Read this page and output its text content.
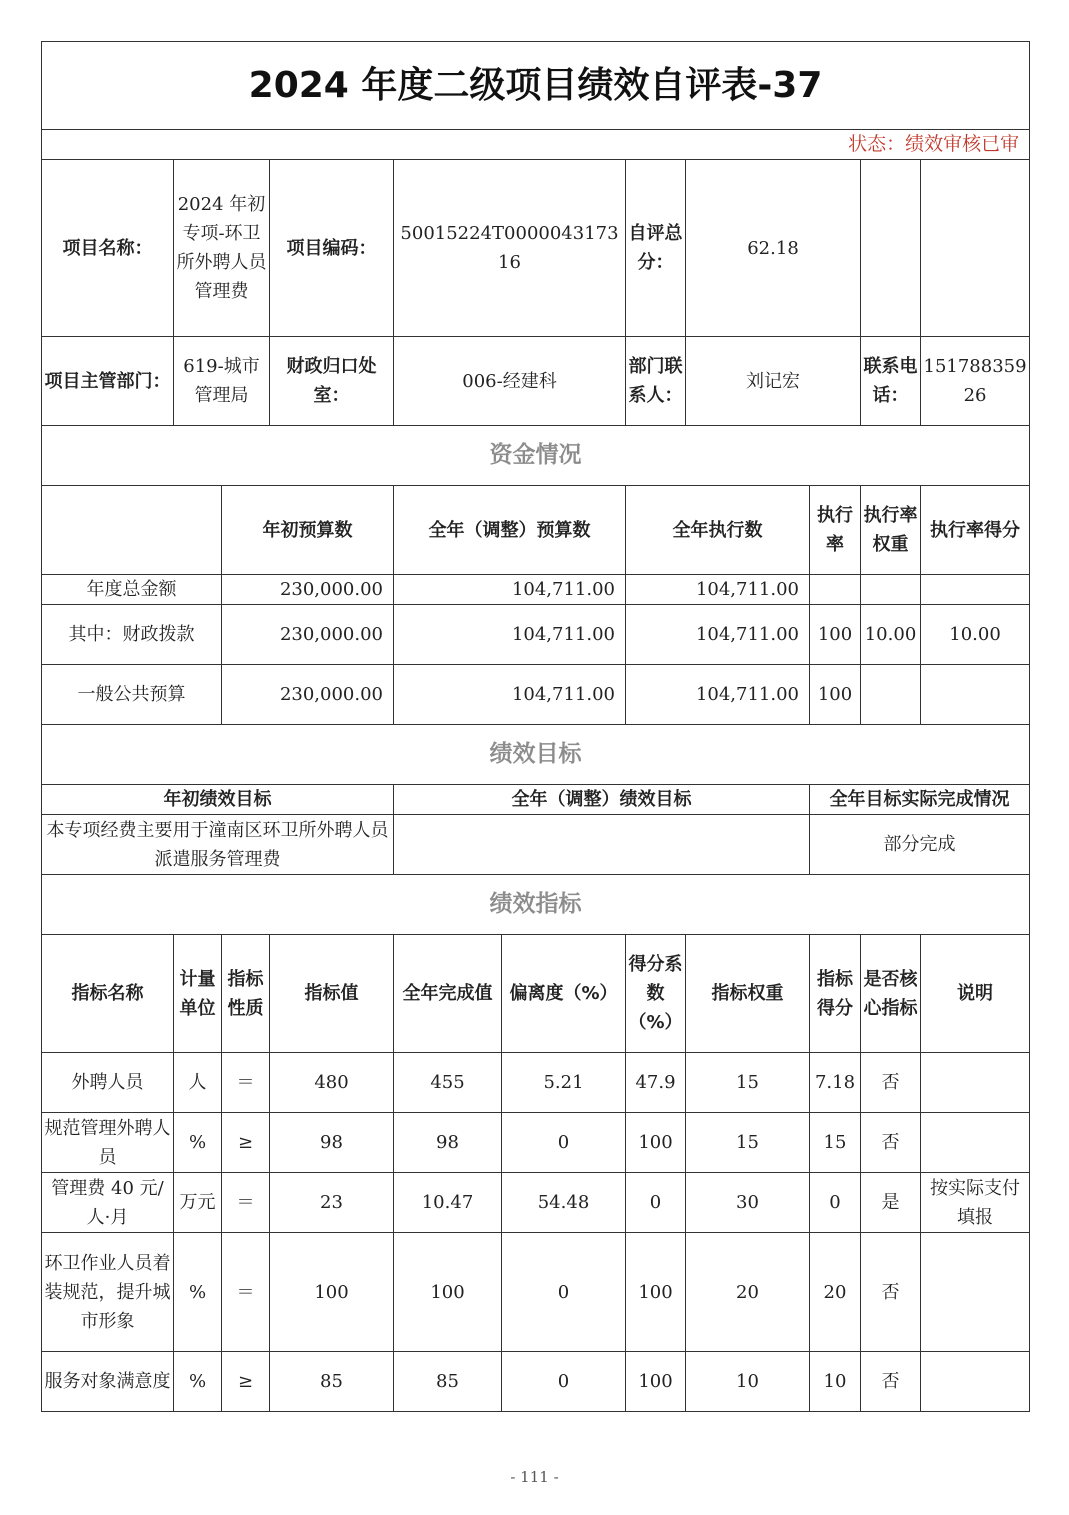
2024 年度二级项目绩效自评表-37										
状态：绩效审核已审										
项目名称：	2024 年初专项-环卫所外聘人员管理费		项目编码：	50015224T000004317316		自评总分：	62.18			
项目主管部门：	619-城市管理局		财政归口处室：	006-经建科		部门联系人：	刘记宏		联系电话：	15178835926
资金情况										
		年初预算数		全年（调整）预算数		全年执行数		执行率	执行率权重	执行率得分
年度总金额		230,000.00		104,711.00		104,711.00				
其中：财政拨款		230,000.00		104,711.00		104,711.00		100	10.00	10.00
一般公共预算		230,000.00		104,711.00		104,711.00		100		
绩效目标										
年初绩效目标				全年（调整）绩效目标				全年目标实际完成情况		
本专项经费主要用于潼南区环卫所外聘人员派遣服务管理费								部分完成		
绩效指标										
指标名称	计量单位	指标性质	指标值	全年完成值	偏离度（%）	得分系数（%）	指标权重	指标得分	是否核心指标	说明
外聘人员	人	＝	480	455	5.21	47.9	15	7.18	否	
规范管理外聘人员	%	≥	98	98	0	100	15	15	否	
管理费 40 元/人·月	万元	＝	23	10.47	54.48	0	30	0	是	按实际支付填报
环卫作业人员着装规范，提升城市形象	%	＝	100	100	0	100	20	20	否	
服务对象满意度	%	≥	85	85	0	100	10	10	否	
- 111 -
